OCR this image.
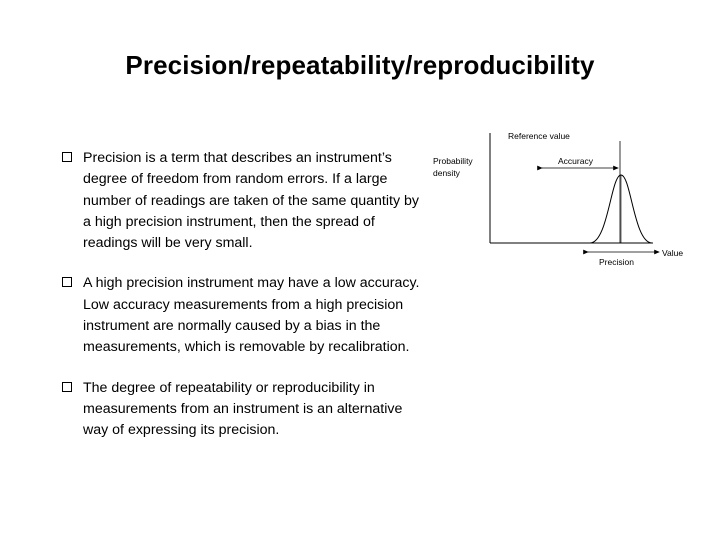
Precision/repeatability/reproducibility
Precision is a term that describes an instrument’s degree of freedom from random errors. If a large number of readings are taken of the same quantity by a high precision instrument, then the spread of readings will be very small.
A high precision instrument may have a low accuracy. Low accuracy measurements from a high precision instrument are normally caused by a bias in the measurements, which is removable by recalibration.
The degree of repeatability or reproducibility in measurements from an instrument is an alternative way of expressing its precision.
Reference value
Probability
density
Accuracy
Precision
Value
